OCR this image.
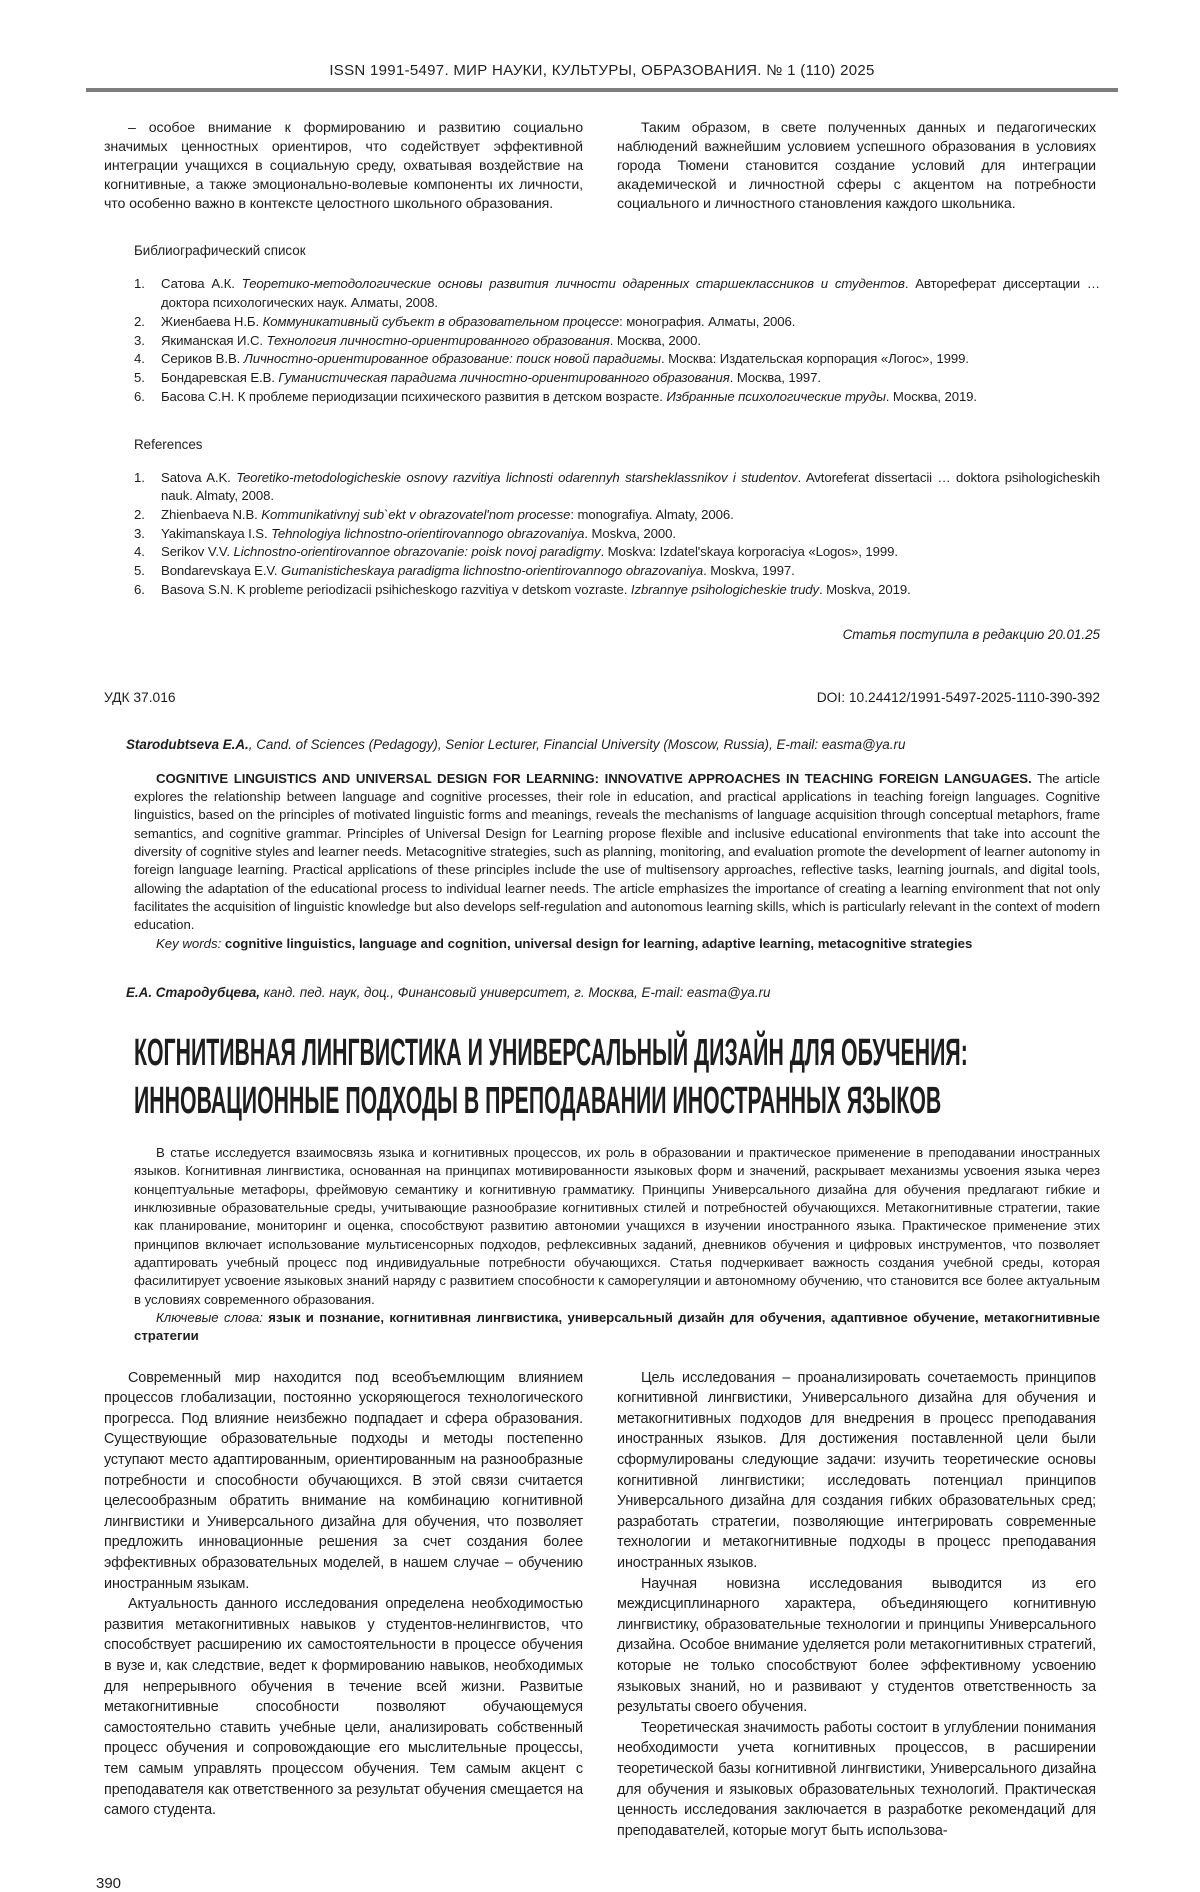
ISSN 1991-5497. МИР НАУКИ, КУЛЬТУРЫ, ОБРАЗОВАНИЯ. № 1 (110) 2025

– особое внимание к формированию и развитию социально значимых ценностных ориентиров, что содействует эффективной интеграции учащихся в социальную среду, охватывая воздействие на когнитивные, а также эмоционально-волевые компоненты их личности, что особенно важно в контексте целостного школьного образования.

Таким образом, в свете полученных данных и педагогических наблюдений важнейшим условием успешного образования в условиях города Тюмени становится создание условий для интеграции академической и личностной сферы с акцентом на потребности социального и личностного становления каждого школьника.

Библиографический список
1.	Сатова А.К. Теоретико-методологические основы развития личности одаренных старшеклассников и студентов. Автореферат диссертации … доктора психологических наук. Алматы, 2008.
2.	Жиенбаева Н.Б. Коммуникативный субъект в образовательном процессе: монография. Алматы, 2006.
3.	Якиманская И.С. Технология личностно-ориентированного образования. Москва, 2000.
4.	Сериков В.В. Личностно-ориентированное образование: поиск новой парадигмы. Москва: Издательская корпорация «Логос», 1999.
5.	Бондаревская Е.В. Гуманистическая парадигма личностно-ориентированного образования. Москва, 1997.
6.	Басова С.Н. К проблеме периодизации психического развития в детском возрасте. Избранные психологические труды. Москва, 2019.
References
1.	Satova A.K. Teoretiko-metodologicheskie osnovy razvitiya lichnosti odarennyh starsheklassnikov i studentov. Avtoreferat dissertacii … doktora psihologicheskih nauk. Almaty, 2008.
2.	Zhienbaeva N.B. Kommunikativnyj sub`ekt v obrazovatel'nom processe: monografiya. Almaty, 2006.
3.	Yakimanskaya I.S. Tehnologiya lichnostno-orientirovannogo obrazovaniya. Moskva, 2000.
4.	Serikov V.V. Lichnostno-orientirovannoe obrazovanie: poisk novoj paradigmy. Moskva: Izdatel'skaya korporaciya «Logos», 1999.
5.	Bondarevskaya E.V. Gumanisticheskaya paradigma lichnostno-orientirovannogo obrazovaniya. Moskva, 1997.
6.	Basova S.N. K probleme periodizacii psihicheskogo razvitiya v detskom vozraste. Izbrannye psihologicheskie trudy. Moskva, 2019.
Статья поступила в редакцию 20.01.25
УДК 37.016	DOI: 10.24412/1991-5497-2025-1110-390-392
Starodubtseva E.A., Cand. of Sciences (Pedagogy), Senior Lecturer, Financial University (Moscow, Russia), E-mail: easma@ya.ru

COGNITIVE LINGUISTICS AND UNIVERSAL DESIGN FOR LEARNING: INNOVATIVE APPROACHES IN TEACHING FOREIGN LANGUAGES. The article explores the relationship between language and cognitive processes, their role in education, and practical applications in teaching foreign languages. Cognitive linguistics, based on the principles of motivated linguistic forms and meanings, reveals the mechanisms of language acquisition through conceptual metaphors, frame semantics, and cognitive grammar. Principles of Universal Design for Learning propose flexible and inclusive educational environments that take into account the diversity of cognitive styles and learner needs. Metacognitive strategies, such as planning, monitoring, and evaluation promote the development of learner autonomy in foreign language learning. Practical applications of these principles include the use of multisensory approaches, reflective tasks, learning journals, and digital tools, allowing the adaptation of the educational process to individual learner needs. The article emphasizes the importance of creating a learning environment that not only facilitates the acquisition of linguistic knowledge but also develops self-regulation and autonomous learning skills, which is particularly relevant in the context of modern education.

Key words: cognitive linguistics, language and cognition, universal design for learning, adaptive learning, metacognitive strategies

Е.А. Стародубцева, канд. пед. наук, доц., Финансовый университет, г. Москва, E-mail: easma@ya.ru
КОГНИТИВНАЯ ЛИНГВИСТИКА И УНИВЕРСАЛЬНЫЙ ДИЗАЙН ДЛЯ ОБУЧЕНИЯ:
ИННОВАЦИОННЫЕ ПОДХОДЫ В ПРЕПОДАВАНИИ ИНОСТРАННЫХ ЯЗЫКОВ

В статье исследуется взаимосвязь языка и когнитивных процессов, их роль в образовании и практическое применение в преподавании иностранных языков. Когнитивная лингвистика, основанная на принципах мотивированности языковых форм и значений, раскрывает механизмы усвоения языка через концептуальные метафоры, фреймовую семантику и когнитивную грамматику. Принципы Универсального дизайна для обучения предлагают гибкие и инклюзивные образовательные среды, учитывающие разнообразие когнитивных стилей и потребностей обучающихся. Метакогнитивные стратегии, такие как планирование, мониторинг и оценка, способствуют развитию автономии учащихся в изучении иностранного языка. Практическое применение этих принципов включает использование мультисенсорных подходов, рефлексивных заданий, дневников обучения и цифровых инструментов, что позволяет адаптировать учебный процесс под индивидуальные потребности обучающихся. Статья подчеркивает важность создания учебной среды, которая фасилитирует усвоение языковых знаний наряду с развитием способности к саморегуляции и автономному обучению, что становится все более актуальным в условиях современного образования.

Ключевые слова: язык и познание, когнитивная лингвистика, универсальный дизайн для обучения, адаптивное обучение, метакогнитивные стратегии

Современный мир находится под всеобъемлющим влиянием процессов глобализации, постоянно ускоряющегося технологического прогресса. Под влияние неизбежно подпадает и сфера образования. Существующие образовательные подходы и методы постепенно уступают место адаптированным, ориентированным на разнообразные потребности и способности обучающихся. В этой связи считается целесообразным обратить внимание на комбинацию когнитивной лингвистики и Универсального дизайна для обучения, что позволяет предложить инновационные решения за счет создания более эффективных образовательных моделей, в нашем случае – обучению иностранным языкам.

Актуальность данного исследования определена необходимостью развития метакогнитивных навыков у студентов-нелингвистов, что способствует расширению их самостоятельности в процессе обучения в вузе и, как следствие, ведет к формированию навыков, необходимых для непрерывного обучения в течение всей жизни. Развитые метакогнитивные способности позволяют обучающемуся самостоятельно ставить учебные цели, анализировать собственный процесс обучения и сопровождающие его мыслительные процессы, тем самым управлять процессом обучения. Тем самым акцент с преподавателя как ответственного за результат обучения смещается на самого студента.

Цель исследования – проанализировать сочетаемость принципов когнитивной лингвистики, Универсального дизайна для обучения и метакогнитивных подходов для внедрения в процесс преподавания иностранных языков. Для достижения поставленной цели были сформулированы следующие задачи: изучить теоретические основы когнитивной лингвистики; исследовать потенциал принципов Универсального дизайна для создания гибких образовательных сред; разработать стратегии, позволяющие интегрировать современные технологии и метакогнитивные подходы в процесс преподавания иностранных языков.

Научная новизна исследования выводится из его междисциплинарного характера, объединяющего когнитивную лингвистику, образовательные технологии и принципы Универсального дизайна. Особое внимание уделяется роли метакогнитивных стратегий, которые не только способствуют более эффективному усвоению языковых знаний, но и развивают у студентов ответственность за результаты своего обучения.

Теоретическая значимость работы состоит в углублении понимания необходимости учета когнитивных процессов, в расширении теоретической базы когнитивной лингвистики, Универсального дизайна для обучения и языковых образовательных технологий. Практическая ценность исследования заключается в разработке рекомендаций для преподавателей, которые могут быть использова-

390
